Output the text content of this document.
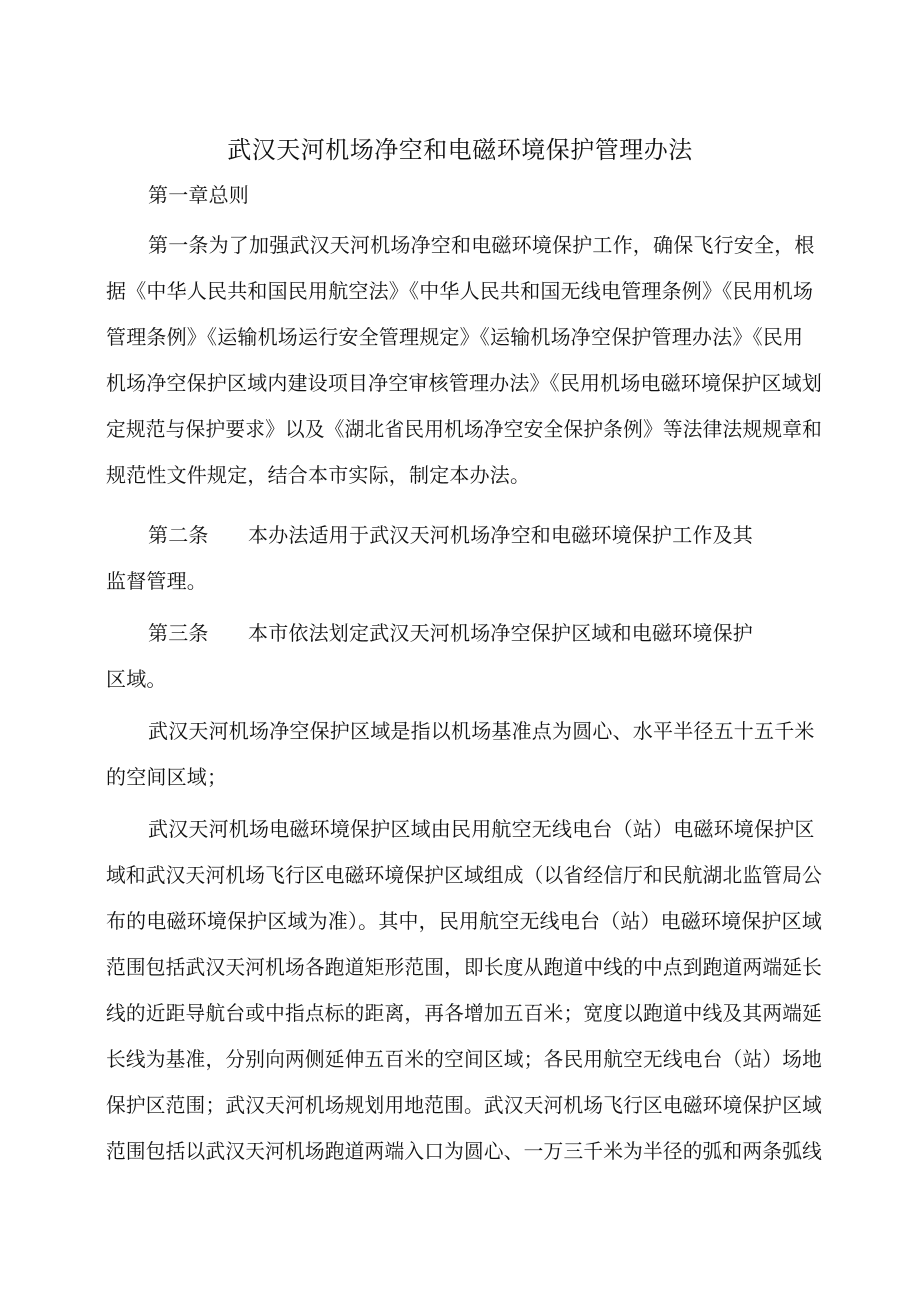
武汉天河机场净空和电磁环境保护管理办法
第一章总则
第一条为了加强武汉天河机场净空和电磁环境保护工作，确保飞行安全，根
据《中华人民共和国民用航空法》《中华人民共和国无线电管理条例》《民用机场
管理条例》《运输机场运行安全管理规定》《运输机场净空保护管理办法》《民用
机场净空保护区域内建设项目净空审核管理办法》《民用机场电磁环境保护区域划
定规范与保护要求》以及《湖北省民用机场净空安全保护条例》等法律法规规章和
规范性文件规定，结合本市实际，制定本办法。
第二条 本办法适用于武汉天河机场净空和电磁环境保护工作及其
监督管理。
第三条 本市依法划定武汉天河机场净空保护区域和电磁环境保护
区域。
武汉天河机场净空保护区域是指以机场基准点为圆心、水平半径五十五千米
的空间区域；
武汉天河机场电磁环境保护区域由民用航空无线电台（站）电磁环境保护区
域和武汉天河机场飞行区电磁环境保护区域组成（以省经信厅和民航湖北监管局公
布的电磁环境保护区域为准）。其中，民用航空无线电台（站）电磁环境保护区域
范围包括武汉天河机场各跑道矩形范围，即长度从跑道中线的中点到跑道两端延长
线的近距导航台或中指点标的距离，再各增加五百米；宽度以跑道中线及其两端延
长线为基准，分别向两侧延伸五百米的空间区域；各民用航空无线电台（站）场地
保护区范围；武汉天河机场规划用地范围。武汉天河机场飞行区电磁环境保护区域
范围包括以武汉天河机场跑道两端入口为圆心、一万三千米为半径的弧和两条弧线
